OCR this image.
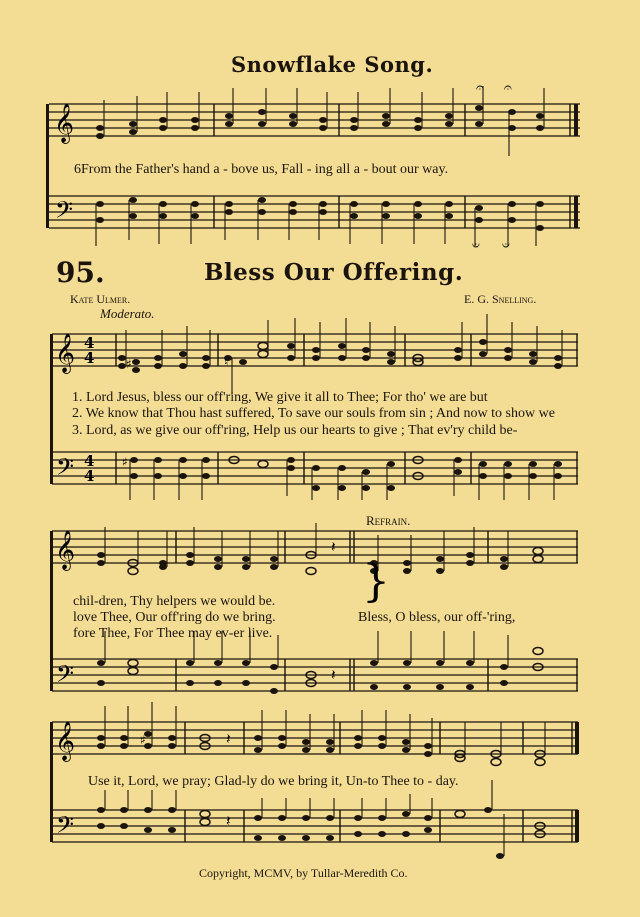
Snowflake Song.
𝄞
𝄢
𝄐 𝄐
𝄑 𝄑
6From the Father's hand a - bove us, Fall - ing all a - bout our way.
95.	Bless Our Offering.
Kate Ulmer.	E. G. Snelling.
Moderato.
𝄞
𝄢
4
4
4
4
♯	♮
♯
1. Lord Jesus, bless our off'ring, We give it all to Thee; For tho' we are but
2. We know that Thou hast suffered, To save our souls from sin ; And now to show we
3. Lord, as we give our off'ring, Help us our hearts to give ; That ev'ry child be-
Refrain.
𝄞
𝄢
𝄽
𝄽
}
chil-dren, Thy helpers we would be.
love Thee, Our off'ring do we bring.
fore Thee, For Thee may ev-er live.
Bless, O bless, our off-'ring,
𝄞
𝄢
♯	𝄽
𝄽
Use it, Lord, we pray; Glad-ly do we bring it, Un-to Thee to - day.
Copyright, MCMV, by Tullar-Meredith Co.
